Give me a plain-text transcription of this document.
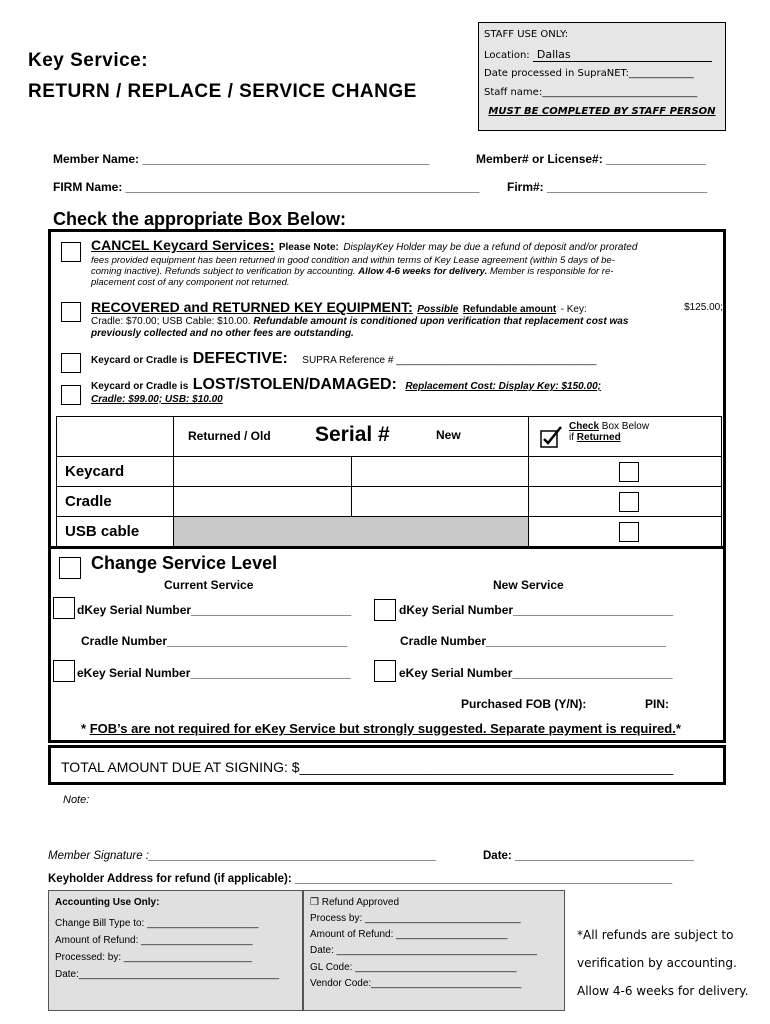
Key Service:
RETURN / REPLACE / SERVICE CHANGE
STAFF USE ONLY:
Location: Dallas
Date processed in SupraNET:_____________
Staff name:_______________________________
MUST BE COMPLETED BY STAFF PERSON
Member Name: ___________________________________________	Member# or License#: _______________
FIRM Name: _____________________________________________________ Firm#: ________________________
Check the appropriate Box Below:
CANCEL Keycard Services: Please Note: DisplayKey Holder may be due a refund of deposit and/or prorated
fees provided equipment has been returned in good condition and within terms of Key Lease agreement (within 5 days of be-
coming inactive). Refunds subject to verification by accounting. Allow 4-6 weeks for delivery. Member is responsible for re-
placement cost of any component not returned.
RECOVERED and RETURNED KEY EQUIPMENT: Possible Refundable amount - Key:	$125.00;
Cradle: $70.00; USB Cable: $10.00. Refundable amount is conditioned upon verification that replacement cost was
previously collected and no other fees are outstanding.
Keycard or Cradle is DEFECTIVE: SUPRA Reference # ____________________________________
Keycard or Cradle is LOST/STOLEN/DAMAGED: Replacement Cost: Display Key: $150.00;
Cradle: $99.00; USB: $10.00

	Returned / Old Serial # New		Check Box Below
if Returned

Keycard			

Cradle			

USB cable			
Change Service Level
Current Service	New Service
dKey Serial Number________________________	dKey Serial Number________________________
Cradle Number___________________________	Cradle Number___________________________
eKey Serial Number________________________	eKey Serial Number________________________
Purchased FOB (Y/N):	PIN:
* FOB’s are not required for eKey Service but strongly suggested. Separate payment is required.*
TOTAL AMOUNT DUE AT SIGNING: $________________________________________________
Note:
Member Signature :_____________________________________________	Date: ____________________________
Keyholder Address for refund (if applicable): ___________________________________________________________
Accounting Use Only:
Change Bill Type to: ____________________
Amount of Refund: ____________________
Processed: by: _______________________
Date:____________________________________
❒ Refund Approved
Process by: ____________________________
Amount of Refund: ____________________
Date: ____________________________________
GL Code: _____________________________
Vendor Code:___________________________
*All refunds are subject to
verification by accounting.
Allow 4-6 weeks for delivery.
